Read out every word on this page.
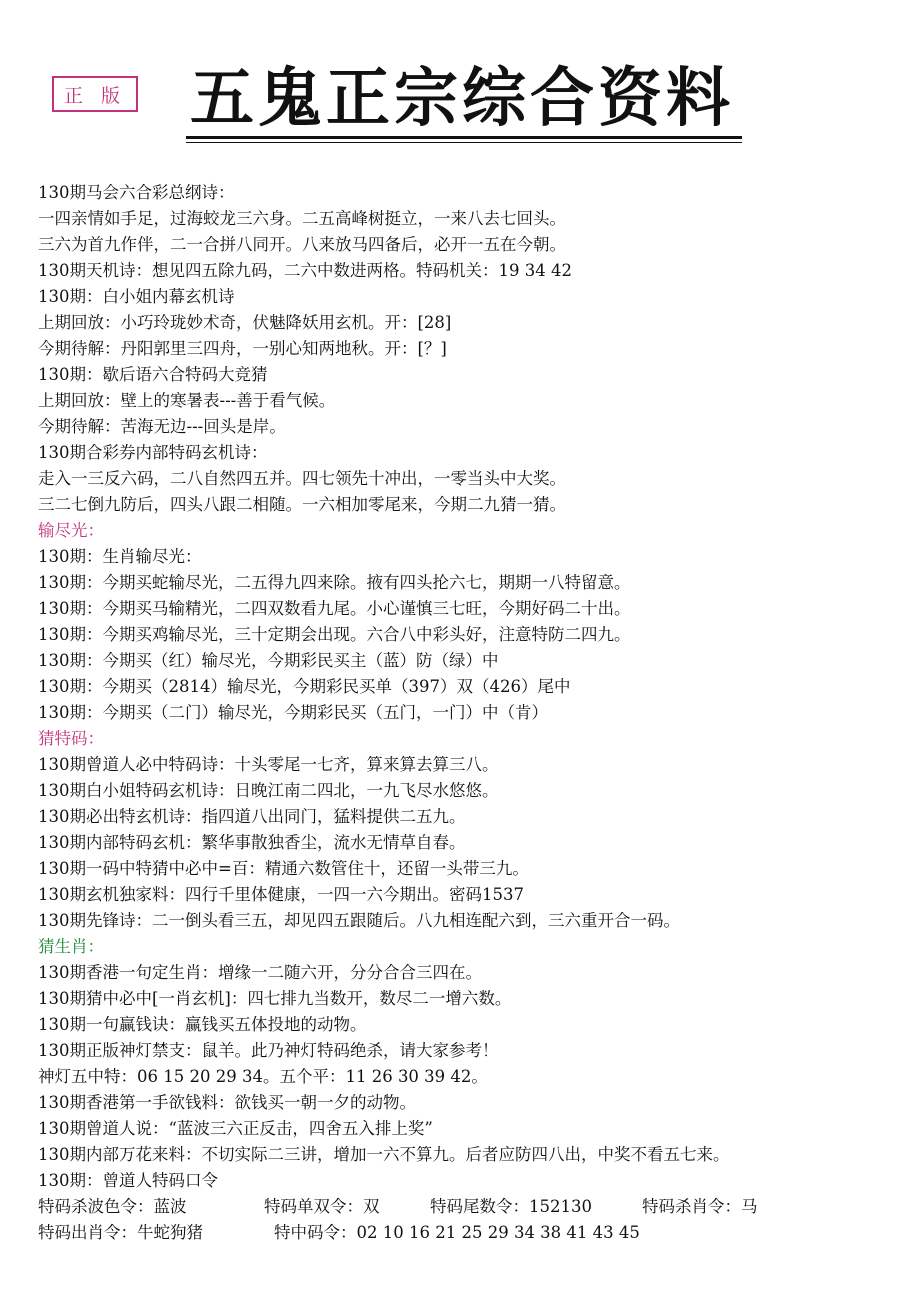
正 版 五鬼正宗综合资料
130期马会六合彩总纲诗：
一四亲情如手足，过海蛟龙三六身。二五高峰树挺立，一来八去七回头。
三六为首九作伴，二一合拼八同开。八来放马四备后，必开一五在今朝。
130期天机诗：想见四五除九码，二六中数进两格。特码机关：19 34 42
130期：白小姐内幕玄机诗
上期回放：小巧玲珑妙术奇，伏魅降妖用玄机。开：[28]
今期待解：丹阳郭里三四舟，一别心知两地秋。开：[？]
130期：歇后语六合特码大竞猜
上期回放：壁上的寒暑表---善于看气候。
今期待解：苦海无边---回头是岸。
130期合彩券内部特码玄机诗：
走入一三反六码，二八自然四五并。四七领先十冲出，一零当头中大奖。
三二七倒九防后，四头八跟二相随。一六相加零尾来，今期二九猜一猜。
输尽光：
130期：生肖输尽光：
130期：今期买蛇输尽光，二五得九四来除。掖有四头抡六七，期期一八特留意。
130期：今期买马输精光，二四双数看九尾。小心谨慎三七旺，今期好码二十出。
130期：今期买鸡输尽光，三十定期会出现。六合八中彩头好，注意特防二四九。
130期：今期买（红）输尽光，今期彩民买主（蓝）防（绿）中
130期：今期买（2814）输尽光，今期彩民买单（397）双（426）尾中
130期：今期买（二门）输尽光，今期彩民买（五门，一门）中（肯）
猜特码：
130期曾道人必中特码诗：十头零尾一七齐，算来算去算三八。
130期白小姐特码玄机诗：日晚江南二四北，一九飞尽水悠悠。
130期必出特玄机诗：指四道八出同门，猛料提供二五九。
130期内部特码玄机：繁华事散独香尘，流水无情草自春。
130期一码中特猜中必中=百：精通六数管住十，还留一头带三九。
130期玄机独家料：四行千里体健康，一四一六今期出。密码1537
130期先锋诗：二一倒头看三五，却见四五跟随后。八九相连配六到，三六重开合一码。
猜生肖：
130期香港一句定生肖：增缘一二随六开，分分合合三四在。
130期猜中必中[一肖玄机]：四七排九当数开，数尽二一增六数。
130期一句赢钱诀：赢钱买五体投地的动物。
130期正版神灯禁支：鼠羊。此乃神灯特码绝杀，请大家参考！
神灯五中特：06 15 20 29 34。五个平：11 26 30 39 42。
130期香港第一手欲钱料：欲钱买一朝一夕的动物。
130期曾道人说：“蓝波三六正反击，四舍五入排上奖”
130期内部万花来料：不切实际二三讲，增加一六不算九。后者应防四八出，中奖不看五七来。
130期：曾道人特码口令
特码杀波色令：蓝波	特码单双令：双	特码尾数令：152130	特码杀肖令：马
特码出肖令：牛蛇狗猪	特中码令：02 10 16 21 25 29 34 38 41 43 45
